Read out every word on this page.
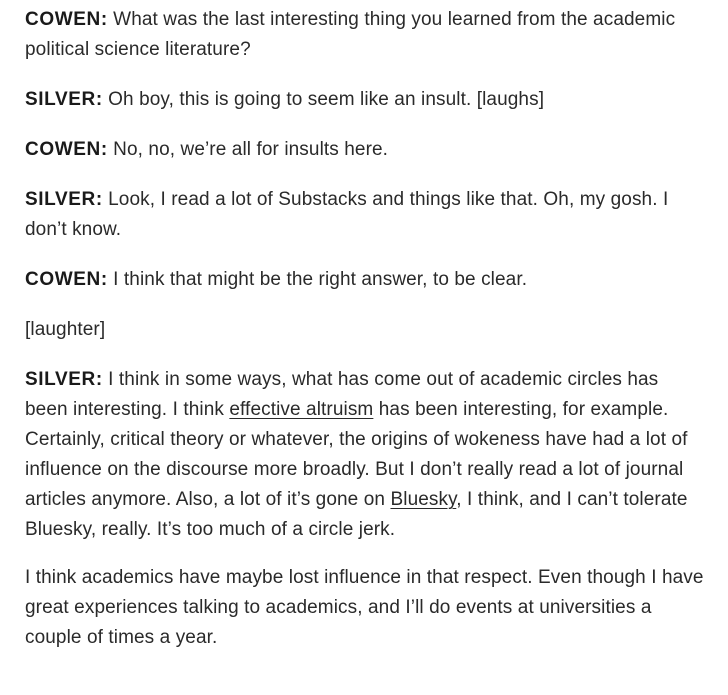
COWEN: What was the last interesting thing you learned from the academic political science literature?

SILVER: Oh boy, this is going to seem like an insult. [laughs]

COWEN: No, no, we’re all for insults here.

SILVER: Look, I read a lot of Substacks and things like that. Oh, my gosh. I don’t know.

COWEN: I think that might be the right answer, to be clear.

[laughter]

SILVER: I think in some ways, what has come out of academic circles has been interesting. I think effective altruism has been interesting, for example. Certainly, critical theory or whatever, the origins of wokeness have had a lot of influence on the discourse more broadly. But I don’t really read a lot of journal articles anymore. Also, a lot of it’s gone on Bluesky, I think, and I can’t tolerate Bluesky, really. It’s too much of a circle jerk.

I think academics have maybe lost influence in that respect. Even though I have great experiences talking to academics, and I’ll do events at universities a couple of times a year.
